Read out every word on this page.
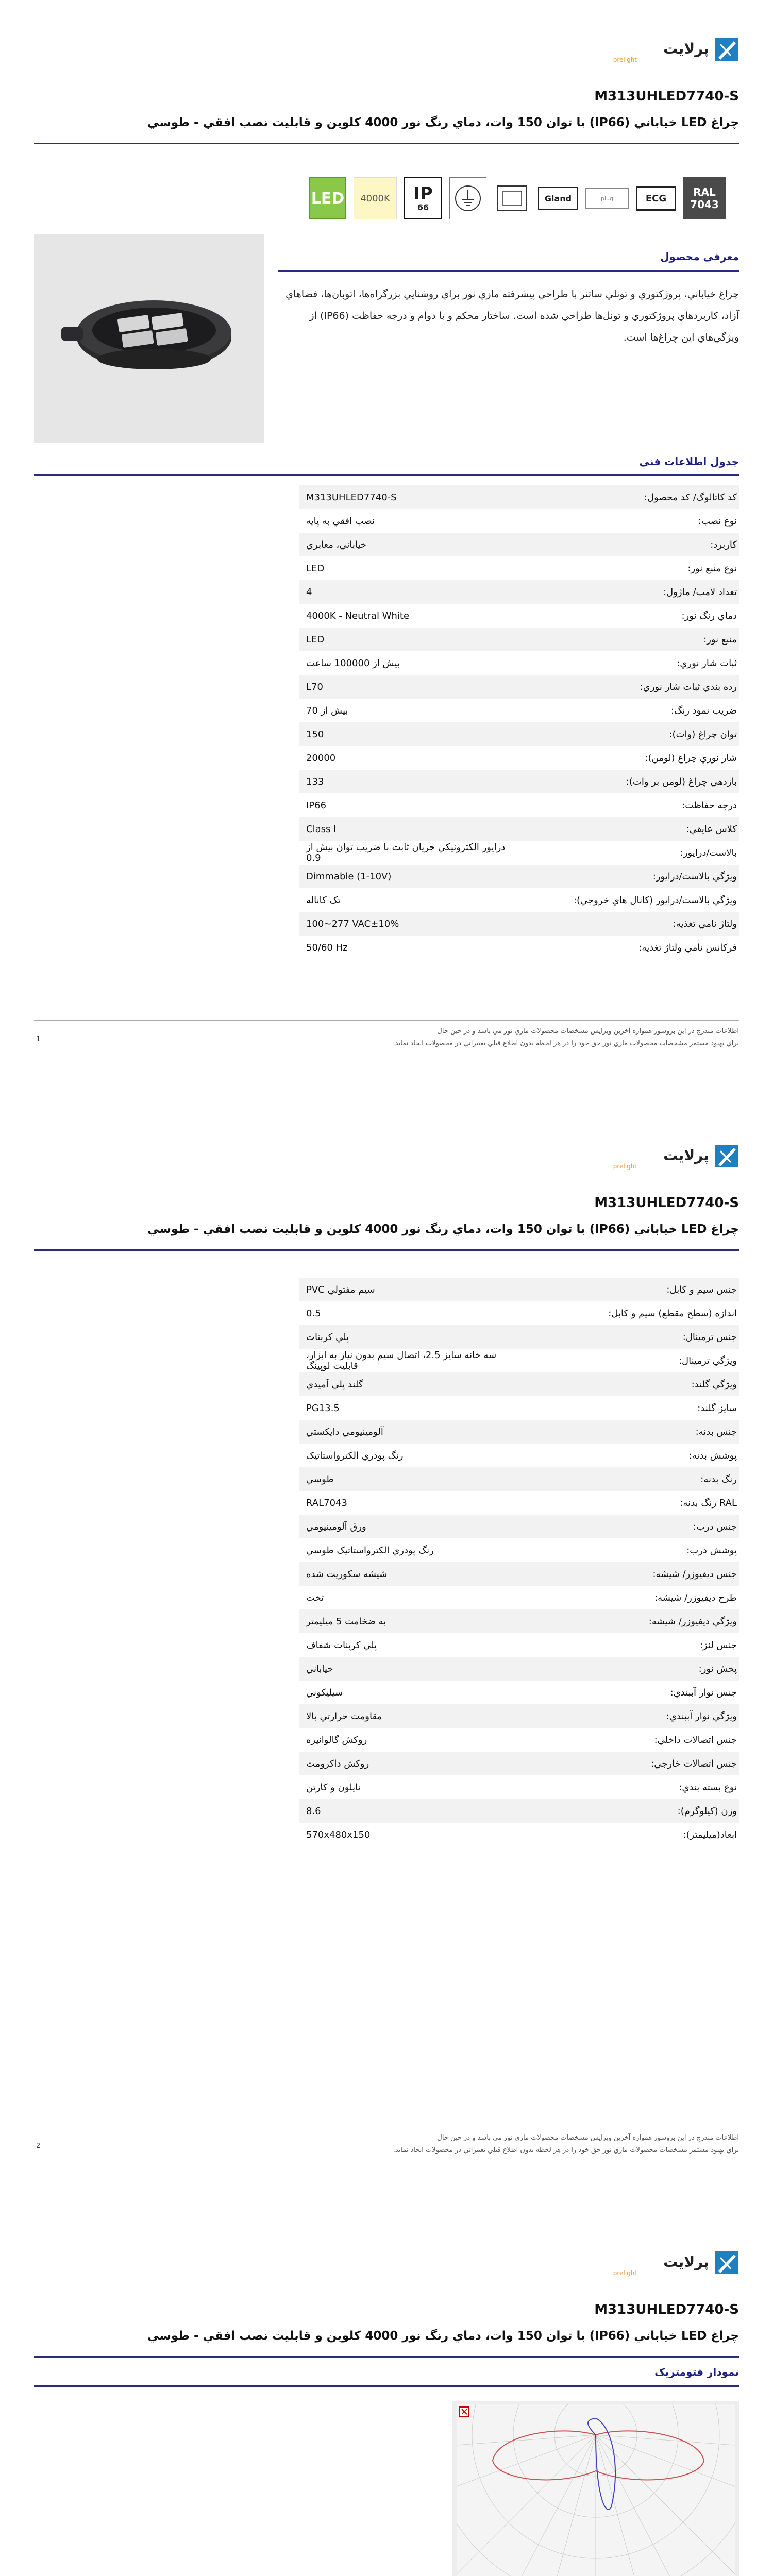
پرلایت
prelight
M313UHLED7740-S
چراغ LED خياباني (IP66) با توان 150 وات، دماي رنگ نور 4000 کلوین و قابليت نصب افقي - طوسي
LED 4000K IP
66
Gland	plug	ECG	RAL
7043
معرفی محصول
چراغ خياباني، پروژکتوري و تونلي ساتنر با طراحي پيشرفته مازي نور براي روشنايي بزرگراه‌ها، اتوبان‌ها، فضاهاي آزاد، کاربردهاي پروژکتوري و تونل‌ها طراحي شده است. ساختار محکم و با دوام و درجه حفاظت (IP66) از ويژگي‌هاي اين چراغ‌ها است.
جدول اطلاعات فنی
کد کاتالوگ/ کد محصول:
M313UHLED7740-S
نوع نصب:
نصب افقي به پايه
کاربرد:
خياباني، معابري
نوع منبع نور:
LED
تعداد لامپ/ ماژول:
4
دماي رنگ نور:
4000K - Neutral White
منبع نور:
LED
ثبات شار نوري:
بيش از 100000 ساعت
رده بندي ثبات شار نوري:
L70
ضريب نمود رنگ:
بيش از 70
توان چراغ (وات):
150
شار نوري چراغ (لومن):
20000
بازدهي چراغ (لومن بر وات):
133
درجه حفاظت:
IP66
کلاس عايقي:
Class I
بالاست/درايور:
درايور الکترونيکي جريان ثابت با ضريب توان بيش از 0.9
ويژگي بالاست/درايور:
Dimmable (1-10V)
ويژگي بالاست/درايور (کانال هاي خروجي):
تک کاناله
ولتاژ نامي تغذيه:
100~277 VAC±10%
فرکانس نامي ولتاژ تغذيه:
50/60 Hz
1
اطلاعات مندرج در اين بروشور همواره آخرين ويرايش مشخصات محصولات مازي نور مي باشد و در حين حال
براي بهبود مستمر مشخصات محصولات مازي نور حق خود را در هر لحظه بدون اطلاع قبلي تغييراتي در محصولات ايجاد نمايد.
پرلایت
prelight
M313UHLED7740-S
چراغ LED خياباني (IP66) با توان 150 وات، دماي رنگ نور 4000 کلوین و قابليت نصب افقي - طوسي
جنس سيم و کابل:
سيم مفتولي PVC
اندازه (سطح مقطع) سيم و کابل:
0.5
جنس ترمينال:
پلي کربنات
ويژگي ترمينال:
سه خانه سايز 2.5، اتصال سيم بدون نياز به ابزار، قابليت لوپينگ
ويژگي گلند:
گلند پلي آميدي
سايز گلند:
PG13.5
جنس بدنه:
آلومينيومي دايکستي
پوشش بدنه:
رنگ پودري الکترواستاتيک
رنگ بدنه:
طوسي
RAL رنگ بدنه:
RAL7043
جنس درب:
ورق آلومينيومي
پوشش درب:
رنگ پودري الکترواستاتيک طوسي
جنس ديفيوزر/ شيشه:
شيشه سکوريت شده
طرح ديفيوزر/ شيشه:
تخت
ويژگي ديفيوزر/ شيشه:
به ضخامت 5 ميليمتر
جنس لنز:
پلي کربنات شفاف
پخش نور:
خياباني
جنس نوار آببندي:
سيليکوني
ويژگي نوار آببندي:
مقاومت حرارتي بالا
جنس اتصالات داخلي:
روکش گالوانيزه
جنس اتصالات خارجي:
روکش داکرومت
نوع بسته بندي:
نايلون و کارتن
وزن (کيلوگرم):
8.6
ابعاد(ميليمتر):
570x480x150
2
اطلاعات مندرج در اين بروشور همواره آخرين ويرايش مشخصات محصولات مازي نور مي باشد و در حين حال
براي بهبود مستمر مشخصات محصولات مازي نور حق خود را در هر لحظه بدون اطلاع قبلي تغييراتي در محصولات ايجاد نمايد.
پرلایت
prelight
M313UHLED7740-S
چراغ LED خياباني (IP66) با توان 150 وات، دماي رنگ نور 4000 کلوین و قابليت نصب افقي - طوسي
نمودار فتومتریک
